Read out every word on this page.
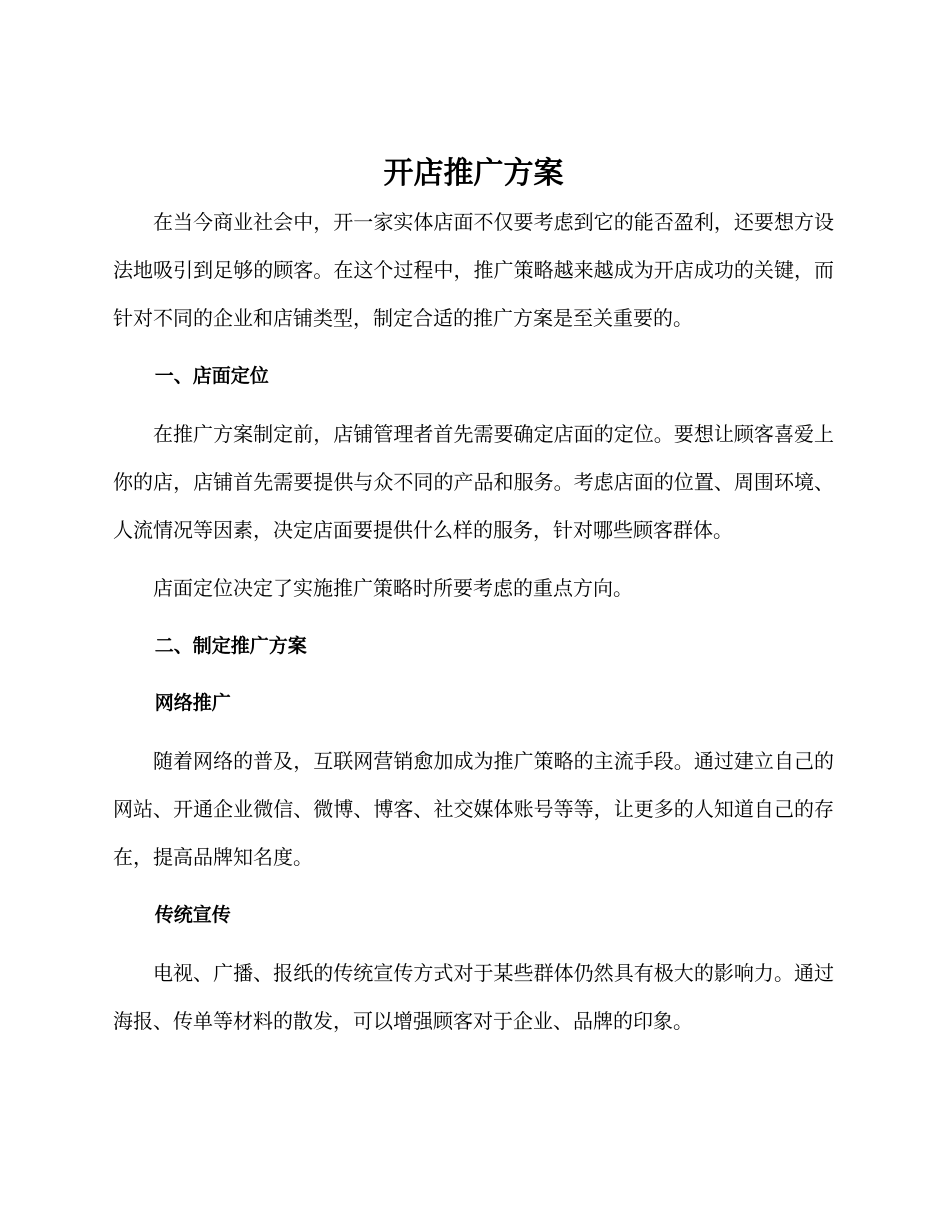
开店推广方案

在当今商业社会中，开一家实体店面不仅要考虑到它的能否盈利，还要想方设法地吸引到足够的顾客。在这个过程中，推广策略越来越成为开店成功的关键，而针对不同的企业和店铺类型，制定合适的推广方案是至关重要的。

一、店面定位

在推广方案制定前，店铺管理者首先需要确定店面的定位。要想让顾客喜爱上你的店，店铺首先需要提供与众不同的产品和服务。考虑店面的位置、周围环境、人流情况等因素，决定店面要提供什么样的服务，针对哪些顾客群体。

店面定位决定了实施推广策略时所要考虑的重点方向。

二、制定推广方案
网络推广

随着网络的普及，互联网营销愈加成为推广策略的主流手段。通过建立自己的网站、开通企业微信、微博、博客、社交媒体账号等等，让更多的人知道自己的存在，提高品牌知名度。

传统宣传

电视、广播、报纸的传统宣传方式对于某些群体仍然具有极大的影响力。通过海报、传单等材料的散发，可以增强顾客对于企业、品牌的印象。
